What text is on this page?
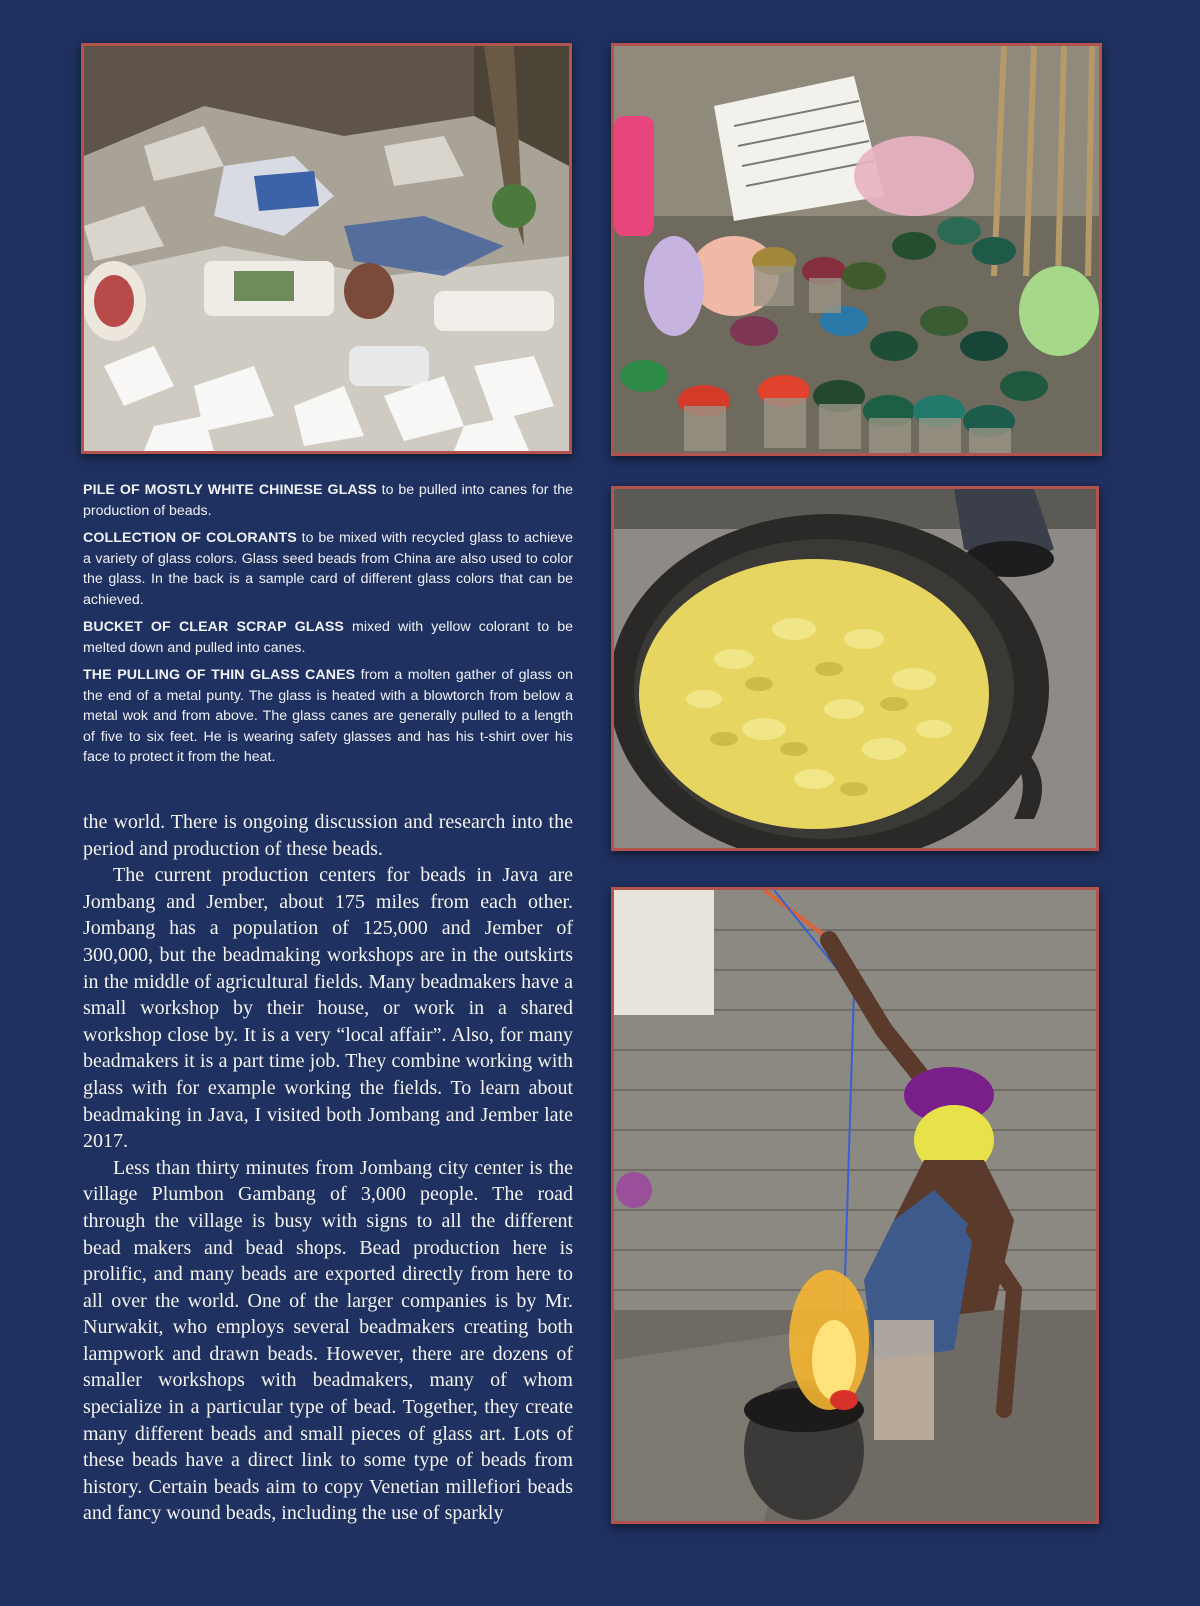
PILE OF MOSTLY WHITE CHINESE GLASS to be pulled into canes for the production of beads.

COLLECTION OF COLORANTS to be mixed with recycled glass to achieve a variety of glass colors. Glass seed beads from China are also used to color the glass. In the back is a sample card of different glass colors that can be achieved.

BUCKET OF CLEAR SCRAP GLASS mixed with yellow colorant to be melted down and pulled into canes.

THE PULLING OF THIN GLASS CANES from a molten gather of glass on the end of a metal punty. The glass is heated with a blowtorch from below a metal wok and from above. The glass canes are generally pulled to a length of five to six feet. He is wearing safety glasses and has his t-shirt over his face to protect it from the heat.

the world. There is ongoing discussion and research into the period and production of these beads.

The current production centers for beads in Java are Jombang and Jember, about 175 miles from each other. Jombang has a population of 125,000 and Jember of 300,000, but the beadmaking workshops are in the outskirts in the middle of agricultural fields. Many beadmakers have a small workshop by their house, or work in a shared workshop close by. It is a very “local affair”. Also, for many beadmakers it is a part time job. They combine working with glass with for example working the fields. To learn about beadmaking in Java, I visited both Jombang and Jember late 2017.

Less than thirty minutes from Jombang city center is the village Plumbon Gambang of 3,000 people. The road through the village is busy with signs to all the different bead makers and bead shops. Bead production here is prolific, and many beads are exported directly from here to all over the world. One of the larger companies is by Mr. Nurwakit, who employs several beadmakers creating both lampwork and drawn beads. However, there are dozens of smaller workshops with beadmakers, many of whom specialize in a particular type of bead. Together, they create many different beads and small pieces of glass art. Lots of these beads have a direct link to some type of beads from history. Certain beads aim to copy Venetian millefiori beads and fancy wound beads, including the use of sparkly
